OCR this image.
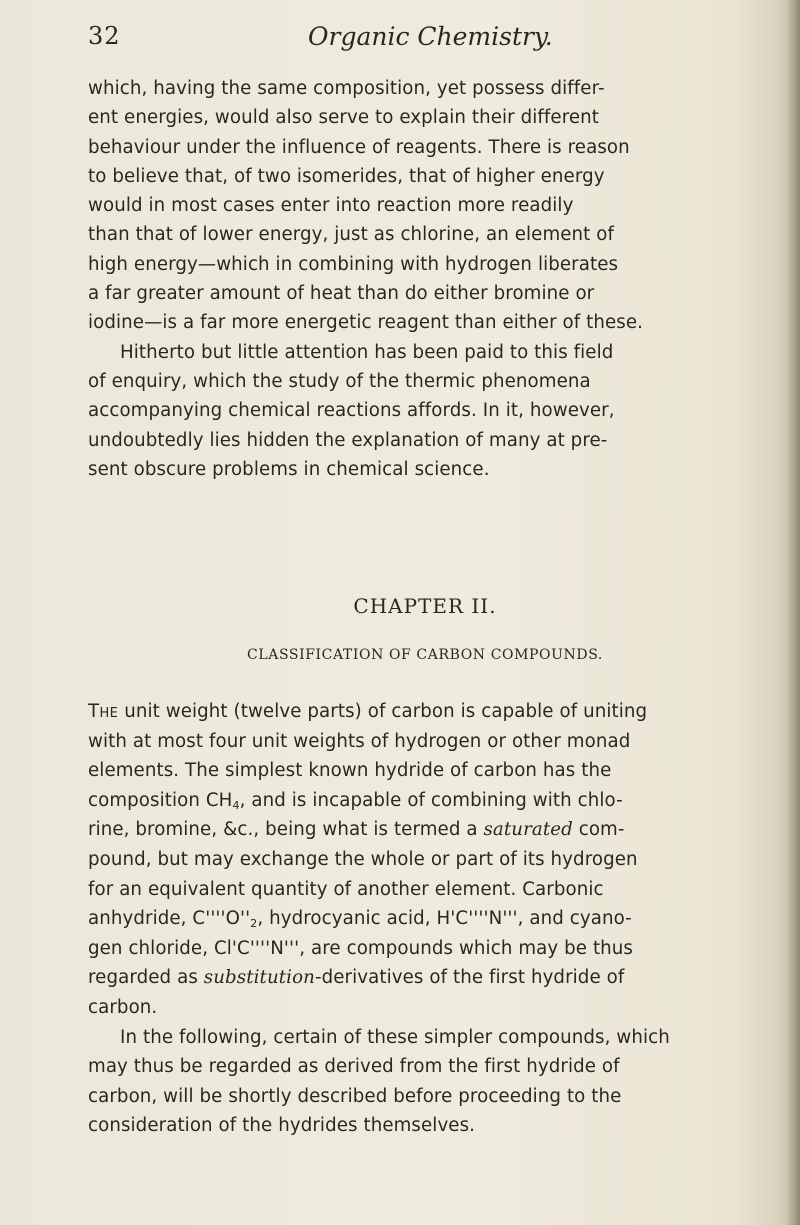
32	Organic Chemistry.
which, having the same composition, yet possess differ-
ent energies, would also serve to explain their different
behaviour under the influence of reagents. There is reason
to believe that, of two isomerides, that of higher energy
would in most cases enter into reaction more readily
than that of lower energy, just as chlorine, an element of
high energy—which in combining with hydrogen liberates
a far greater amount of heat than do either bromine or
iodine—is a far more energetic reagent than either of these.
Hitherto but little attention has been paid to this field
of enquiry, which the study of the thermic phenomena
accompanying chemical reactions affords. In it, however,
undoubtedly lies hidden the explanation of many at pre-
sent obscure problems in chemical science.
CHAPTER II.
CLASSIFICATION OF CARBON COMPOUNDS.
The unit weight (twelve parts) of carbon is capable of uniting
with at most four unit weights of hydrogen or other monad
elements. The simplest known hydride of carbon has the
composition $CH_4$, and is incapable of combining with chlo-
rine, bromine, &c., being what is termed a saturated com-
pound, but may exchange the whole or part of its hydrogen
for an equivalent quantity of another element. Carbonic
anhydride, $C''''O''_2$, hydrocyanic acid, H'C''''N''', and cyano-
gen chloride, Cl'C''''N''', are compounds which may be thus
regarded as substitution-derivatives of the first hydride of
carbon.
In the following, certain of these simpler compounds, which
may thus be regarded as derived from the first hydride of
carbon, will be shortly described before proceeding to the
consideration of the hydrides themselves.
